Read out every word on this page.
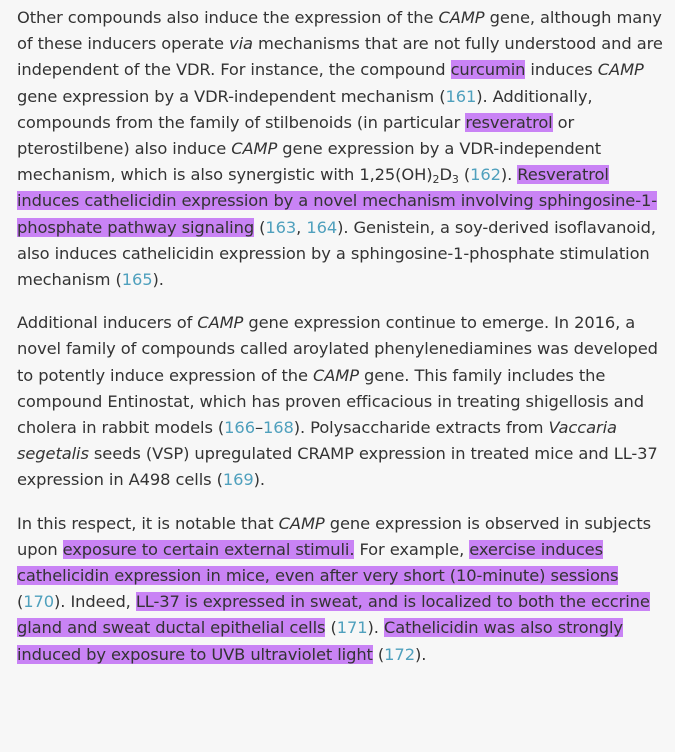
Other compounds also induce the expression of the CAMP gene, although many of these inducers operate via mechanisms that are not fully understood and are independent of the VDR. For instance, the compound curcumin induces CAMP gene expression by a VDR-independent mechanism (161). Additionally, compounds from the family of stilbenoids (in particular resveratrol or pterostilbene) also induce CAMP gene expression by a VDR-independent mechanism, which is also synergistic with $1,25(OH)_2D_3$ (162). Resveratrol induces cathelicidin expression by a novel mechanism involving sphingosine-1-phosphate pathway signaling (163, 164). Genistein, a soy-derived isoflavanoid, also induces cathelicidin expression by a sphingosine-1-phosphate stimulation mechanism (165).

Additional inducers of CAMP gene expression continue to emerge. In 2016, a novel family of compounds called aroylated phenylenediamines was developed to potently induce expression of the CAMP gene. This family includes the compound Entinostat, which has proven efficacious in treating shigellosis and cholera in rabbit models (166–168). Polysaccharide extracts from Vaccaria segetalis seeds (VSP) upregulated CRAMP expression in treated mice and LL-37 expression in A498 cells (169).

In this respect, it is notable that CAMP gene expression is observed in subjects upon exposure to certain external stimuli. For example, exercise induces cathelicidin expression in mice, even after very short (10-minute) sessions (170). Indeed, LL-37 is expressed in sweat, and is localized to both the eccrine gland and sweat ductal epithelial cells (171). Cathelicidin was also strongly induced by exposure to UVB ultraviolet light (172).
